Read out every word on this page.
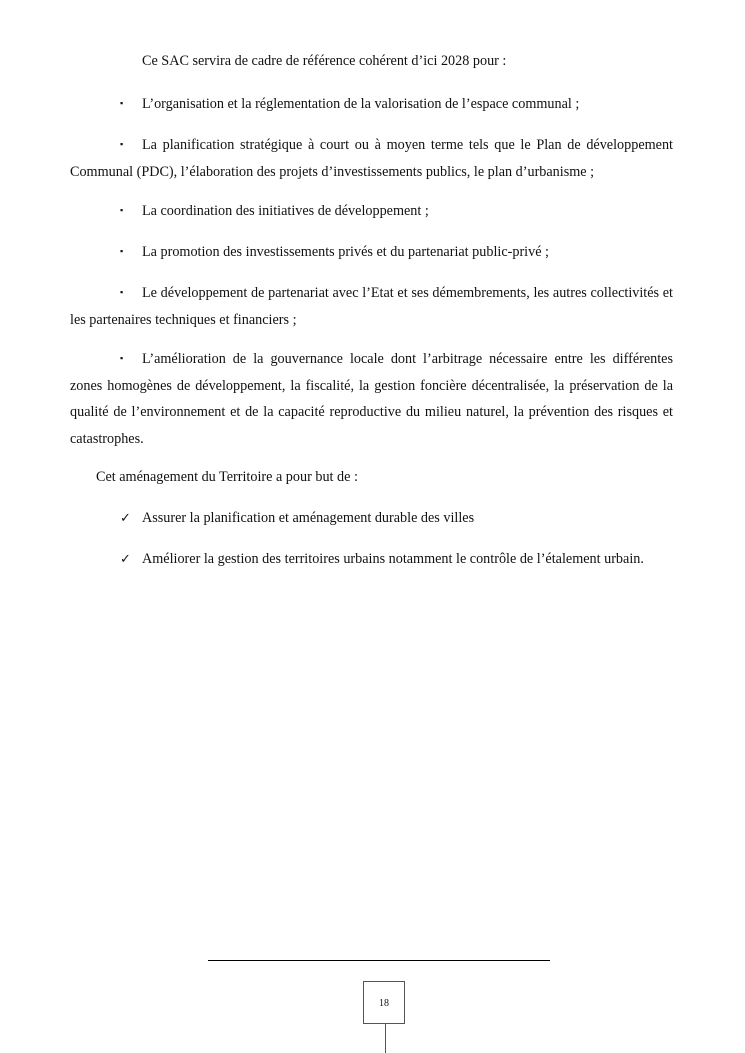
Ce SAC servira de cadre de référence cohérent d’ici 2028 pour :

▪ L’organisation et la réglementation de la valorisation de l’espace communal ;

▪ La planification stratégique à court ou à moyen terme tels que le Plan de développement Communal (PDC), l’élaboration des projets d’investissements publics, le plan d’urbanisme ;

▪ La coordination des initiatives de développement ;

▪ La promotion des investissements privés et du partenariat public-privé ;

▪ Le développement de partenariat avec l’Etat et ses démembrements, les autres collectivités et les partenaires techniques et financiers ;

▪ L’amélioration de la gouvernance locale dont l’arbitrage nécessaire entre les différentes zones homogènes de développement, la fiscalité, la gestion foncière décentralisée, la préservation de la qualité de l’environnement et de la capacité reproductive du milieu naturel, la prévention des risques et catastrophes.

Cet aménagement du Territoire a pour but de :

✓ Assurer la planification et aménagement durable des villes

✓ Améliorer la gestion des territoires urbains notamment le contrôle de l’étalement urbain.

18
